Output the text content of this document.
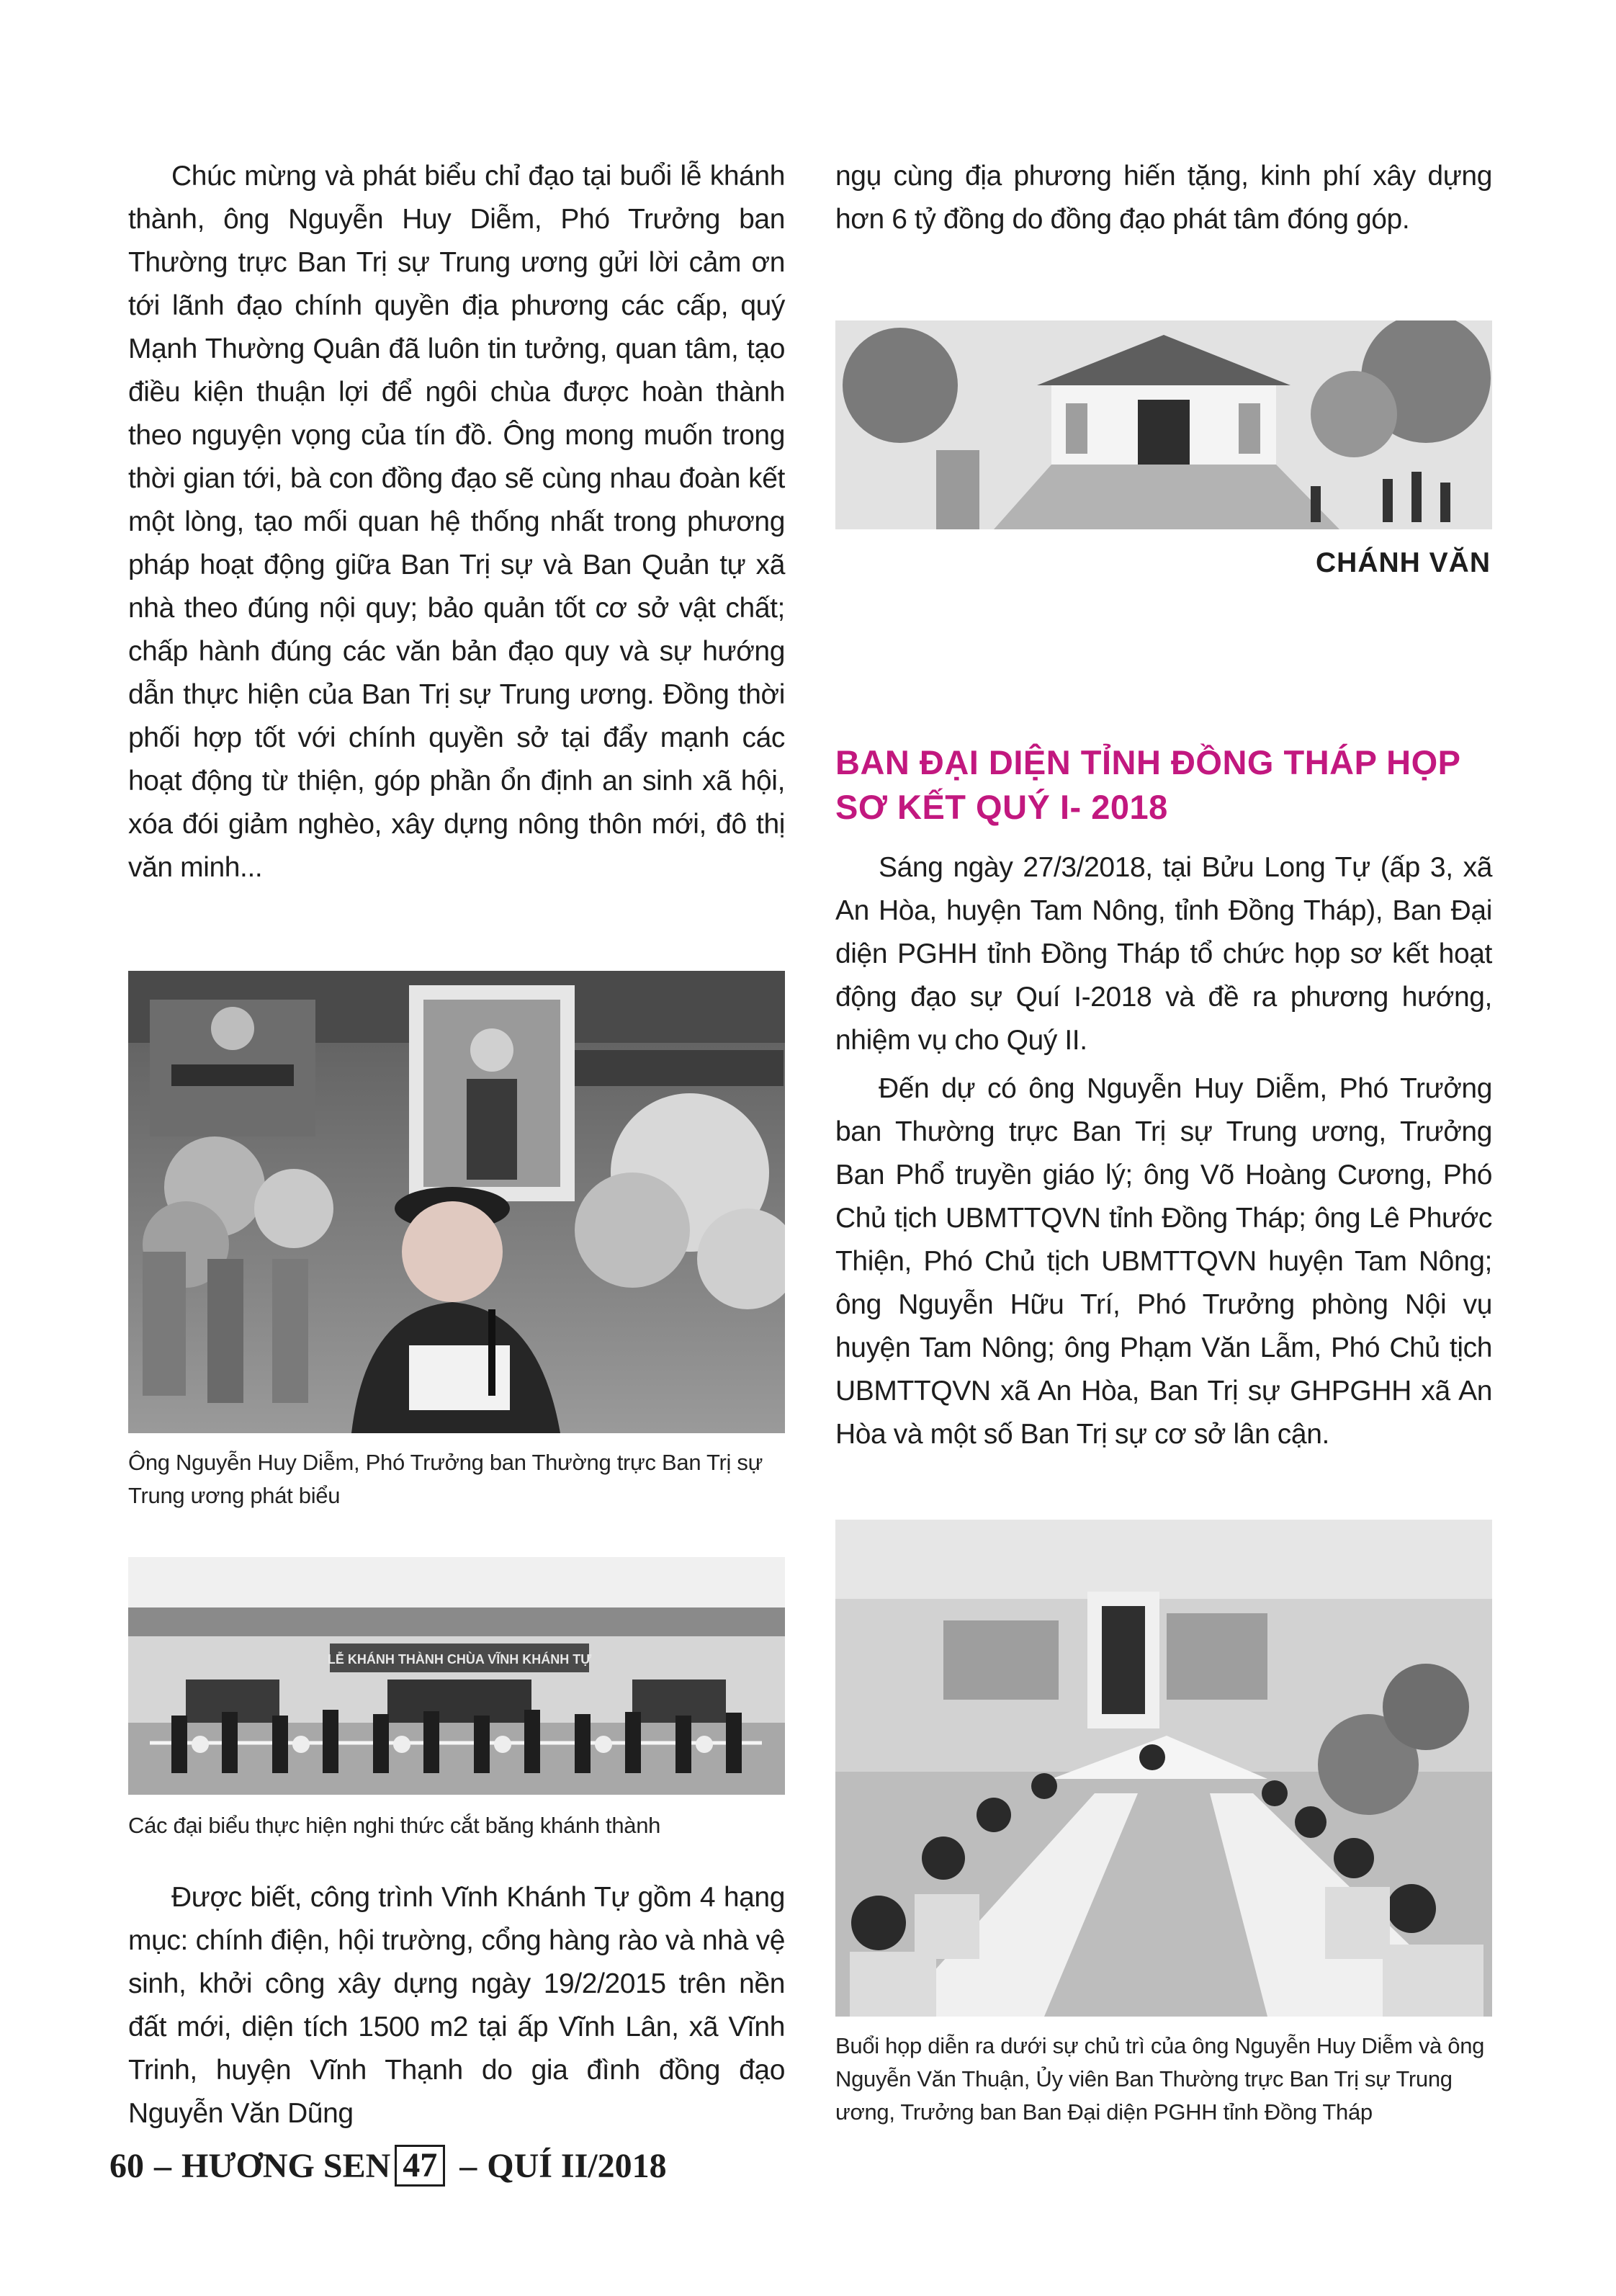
Chúc mừng và phát biểu chỉ đạo tại buổi lễ khánh thành, ông Nguyễn Huy Diễm, Phó Trưởng ban Thường trực Ban Trị sự Trung ương gửi lời cảm ơn tới lãnh đạo chính quyền địa phương các cấp, quý Mạnh Thường Quân đã luôn tin tưởng, quan tâm, tạo điều kiện thuận lợi để ngôi chùa được hoàn thành theo nguyện vọng của tín đồ. Ông mong muốn trong thời gian tới, bà con đồng đạo sẽ cùng nhau đoàn kết một lòng, tạo mối quan hệ thống nhất trong phương pháp hoạt động giữa Ban Trị sự và Ban Quản tự xã nhà theo đúng nội quy; bảo quản tốt cơ sở vật chất; chấp hành đúng các văn bản đạo quy và sự hướng dẫn thực hiện của Ban Trị sự Trung ương. Đồng thời phối hợp tốt với chính quyền sở tại đẩy mạnh các hoạt động từ thiện, góp phần ổn định an sinh xã hội, xóa đói giảm nghèo, xây dựng nông thôn mới, đô thị văn minh...

Ông Nguyễn Huy Diễm, Phó Trưởng ban Thường trực Ban Trị sự Trung ương phát biểu

LỄ KHÁNH THÀNH CHÙA VĨNH KHÁNH TỰ

Các đại biểu thực hiện nghi thức cắt băng khánh thành

Được biết, công trình Vĩnh Khánh Tự gồm 4 hạng mục: chính điện, hội trường, cổng hàng rào và nhà vệ sinh, khởi công xây dựng ngày 19/2/2015 trên nền đất mới, diện tích 1500 m2 tại ấp Vĩnh Lân, xã Vĩnh Trinh, huyện Vĩnh Thạnh do gia đình đồng đạo Nguyễn Văn Dũng

ngụ cùng địa phương hiến tặng, kinh phí xây dựng hơn 6 tỷ đồng do đồng đạo phát tâm đóng góp.

CHÁNH VĂN

BAN ĐẠI DIỆN TỈNH ĐỒNG THÁP HỌP SƠ KẾT QUÝ I- 2018

Sáng ngày 27/3/2018, tại Bửu Long Tự (ấp 3, xã An Hòa, huyện Tam Nông, tỉnh Đồng Tháp), Ban Đại diện PGHH tỉnh Đồng Tháp tổ chức họp sơ kết hoạt động đạo sự Quí I-2018 và đề ra phương hướng, nhiệm vụ cho Quý II.

Đến dự có ông Nguyễn Huy Diễm, Phó Trưởng ban Thường trực Ban Trị sự Trung ương, Trưởng Ban Phổ truyền giáo lý; ông Võ Hoàng Cương, Phó Chủ tịch UBMTTQVN tỉnh Đồng Tháp; ông Lê Phước Thiện, Phó Chủ tịch UBMTTQVN huyện Tam Nông; ông Nguyễn Hữu Trí, Phó Trưởng phòng Nội vụ huyện Tam Nông; ông Phạm Văn Lẫm, Phó Chủ tịch UBMTTQVN xã An Hòa, Ban Trị sự GHPGHH xã An Hòa và một số Ban Trị sự cơ sở lân cận.

Buổi họp diễn ra dưới sự chủ trì của ông Nguyễn Huy Diễm và ông Nguyễn Văn Thuận, Ủy viên Ban Thường trực Ban Trị sự Trung ương, Trưởng ban Ban Đại diện PGHH tỉnh Đồng Tháp

60 – HƯƠNG SEN 47 – QUÍ II/2018
